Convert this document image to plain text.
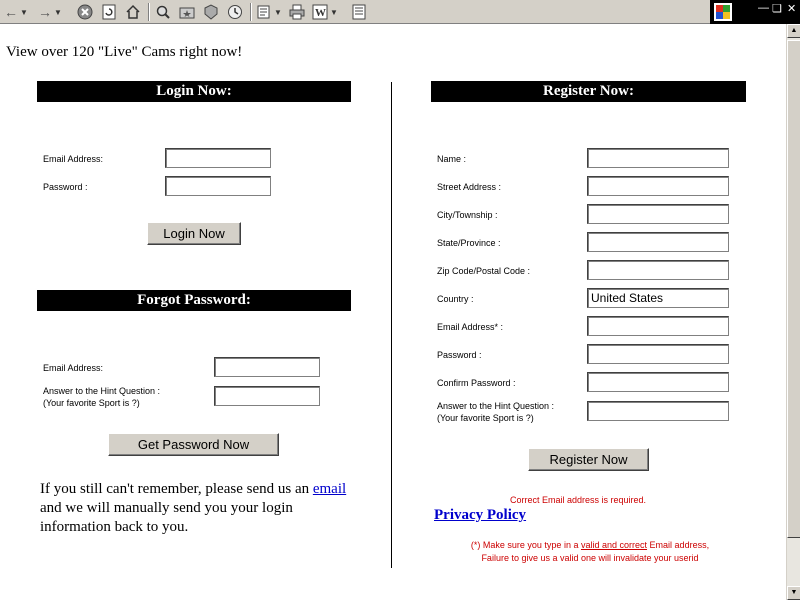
← ▼ → ▼	▼	W ▼	— ❏ ✕
View over 120 "Live" Cams right now!
Login Now:
Email Address:
Password :
Login Now
Forgot Password:
Email Address:
Answer to the Hint Question :
(Your favorite Sport is ?)
Get Password Now
If you still can't remember, please send us an email and we will manually send you your login information back to you.
Register Now:
Name :
Street Address :
City/Township :
State/Province :
Zip Code/Postal Code :
Country :
United States
Email Address* :
Password :
Confirm Password :
Answer to the Hint Question :
(Your favorite Sport is ?)
Register Now
Correct Email address is required.
Privacy Policy
(*) Make sure you type in a valid and correct Email address,
Failure to give us a valid one will invalidate your userid
▲
▼
